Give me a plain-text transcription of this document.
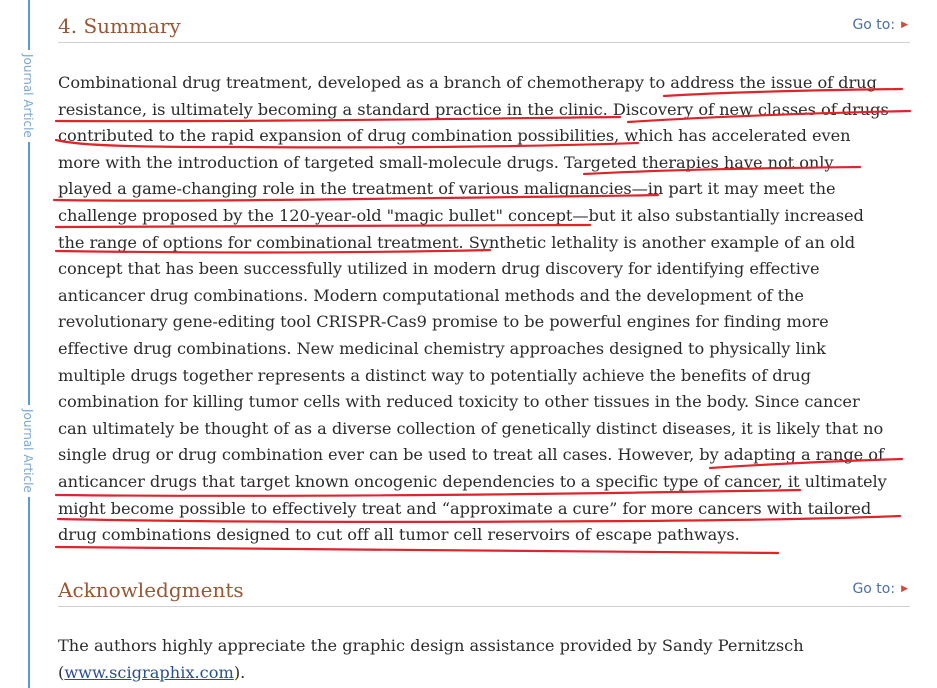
Journal Article
Journal Article
4. Summary	Go to: ▶
Combinational drug treatment, developed as a branch of chemotherapy to address the issue of drug
resistance, is ultimately becoming a standard practice in the clinic. Discovery of new classes of drugs
contributed to the rapid expansion of drug combination possibilities, which has accelerated even
more with the introduction of targeted small-molecule drugs. Targeted therapies have not only
played a game-changing role in the treatment of various malignancies—in part it may meet the
challenge proposed by the 120-year-old "magic bullet" concept—but it also substantially increased
the range of options for combinational treatment. Synthetic lethality is another example of an old
concept that has been successfully utilized in modern drug discovery for identifying effective
anticancer drug combinations. Modern computational methods and the development of the
revolutionary gene-editing tool CRISPR-Cas9 promise to be powerful engines for finding more
effective drug combinations. New medicinal chemistry approaches designed to physically link
multiple drugs together represents a distinct way to potentially achieve the benefits of drug
combination for killing tumor cells with reduced toxicity to other tissues in the body. Since cancer
can ultimately be thought of as a diverse collection of genetically distinct diseases, it is likely that no
single drug or drug combination ever can be used to treat all cases. However, by adapting a range of
anticancer drugs that target known oncogenic dependencies to a specific type of cancer, it ultimately
might become possible to effectively treat and “approximate a cure” for more cancers with tailored
drug combinations designed to cut off all tumor cell reservoirs of escape pathways.
Acknowledgments	Go to: ▶
The authors highly appreciate the graphic design assistance provided by Sandy Pernitzsch
(www.scigraphix.com).
